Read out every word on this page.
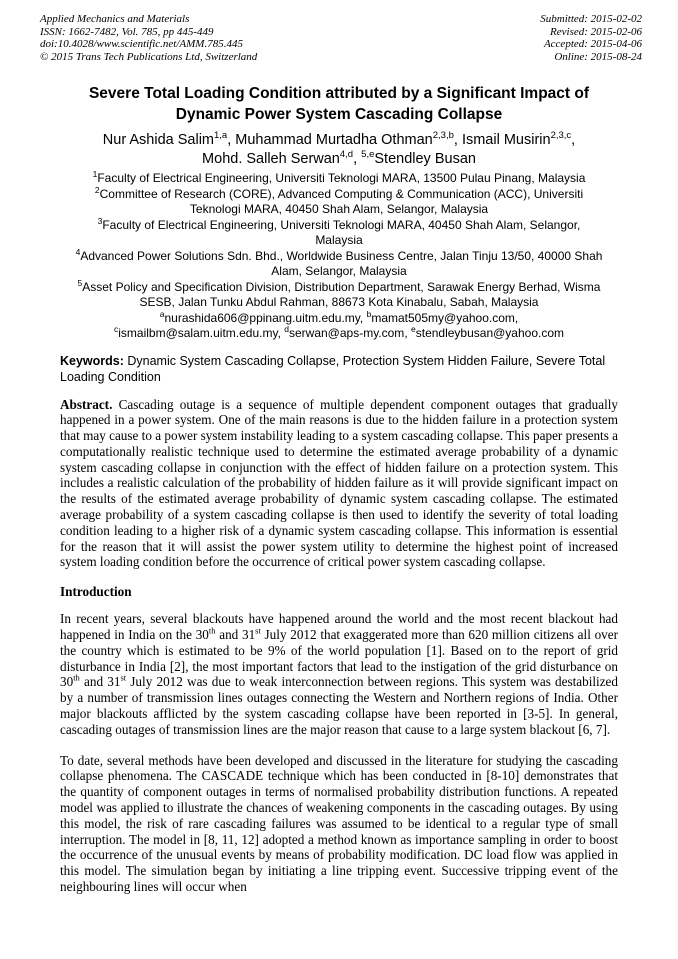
Applied Mechanics and Materials
ISSN: 1662-7482, Vol. 785, pp 445-449
doi:10.4028/www.scientific.net/AMM.785.445
© 2015 Trans Tech Publications Ltd, Switzerland
Submitted: 2015-02-02
Revised: 2015-02-06
Accepted: 2015-04-06
Online: 2015-08-24
Severe Total Loading Condition attributed by a Significant Impact of Dynamic Power System Cascading Collapse
Nur Ashida Salim$^{1,a}$, Muhammad Murtadha Othman$^{2,3,b}$, Ismail Musirin$^{2,3,c}$,
Mohd. Salleh Serwan$^{4,d}$, $^{5,e}$Stendley Busan
$^1$Faculty of Electrical Engineering, Universiti Teknologi MARA, 13500 Pulau Pinang, Malaysia
$^2$Committee of Research (CORE), Advanced Computing & Communication (ACC), Universiti Teknologi MARA, 40450 Shah Alam, Selangor, Malaysia
$^3$Faculty of Electrical Engineering, Universiti Teknologi MARA, 40450 Shah Alam, Selangor, Malaysia
$^4$Advanced Power Solutions Sdn. Bhd., Worldwide Business Centre, Jalan Tinju 13/50, 40000 Shah Alam, Selangor, Malaysia
$^5$Asset Policy and Specification Division, Distribution Department, Sarawak Energy Berhad, Wisma SESB, Jalan Tunku Abdul Rahman, 88673 Kota Kinabalu, Sabah, Malaysia
$^a$nurashida606@ppinang.uitm.edu.my, $^b$mamat505my@yahoo.com,
$^c$ismailbm@salam.uitm.edu.my, $^d$serwan@aps-my.com, $^e$stendleybusan@yahoo.com
Keywords: Dynamic System Cascading Collapse, Protection System Hidden Failure, Severe Total Loading Condition
Abstract. Cascading outage is a sequence of multiple dependent component outages that gradually happened in a power system. One of the main reasons is due to the hidden failure in a protection system that may cause to a power system instability leading to a system cascading collapse. This paper presents a computationally realistic technique used to determine the estimated average probability of a dynamic system cascading collapse in conjunction with the effect of hidden failure on a protection system. This includes a realistic calculation of the probability of hidden failure as it will provide significant impact on the results of the estimated average probability of dynamic system cascading collapse. The estimated average probability of a system cascading collapse is then used to identify the severity of total loading condition leading to a higher risk of a dynamic system cascading collapse. This information is essential for the reason that it will assist the power system utility to determine the highest point of increased system loading condition before the occurrence of critical power system cascading collapse.
Introduction

In recent years, several blackouts have happened around the world and the most recent blackout had happened in India on the 30th and 31st July 2012 that exaggerated more than 620 million citizens all over the country which is estimated to be 9% of the world population [1]. Based on to the report of grid disturbance in India [2], the most important factors that lead to the instigation of the grid disturbance on 30th and 31st July 2012 was due to weak interconnection between regions. This system was destabilized by a number of transmission lines outages connecting the Western and Northern regions of India. Other major blackouts afflicted by the system cascading collapse have been reported in [3-5]. In general, cascading outages of transmission lines are the major reason that cause to a large system blackout [6, 7].

To date, several methods have been developed and discussed in the literature for studying the cascading collapse phenomena. The CASCADE technique which has been conducted in [8-10] demonstrates that the quantity of component outages in terms of normalised probability distribution functions. A repeated model was applied to illustrate the chances of weakening components in the cascading outages. By using this model, the risk of rare cascading failures was assumed to be identical to a regular type of small interruption. The model in [8, 11, 12] adopted a method known as importance sampling in order to boost the occurrence of the unusual events by means of probability modification. DC load flow was applied in this model. The simulation began by initiating a line tripping event. Successive tripping event of the neighbouring lines will occur when
